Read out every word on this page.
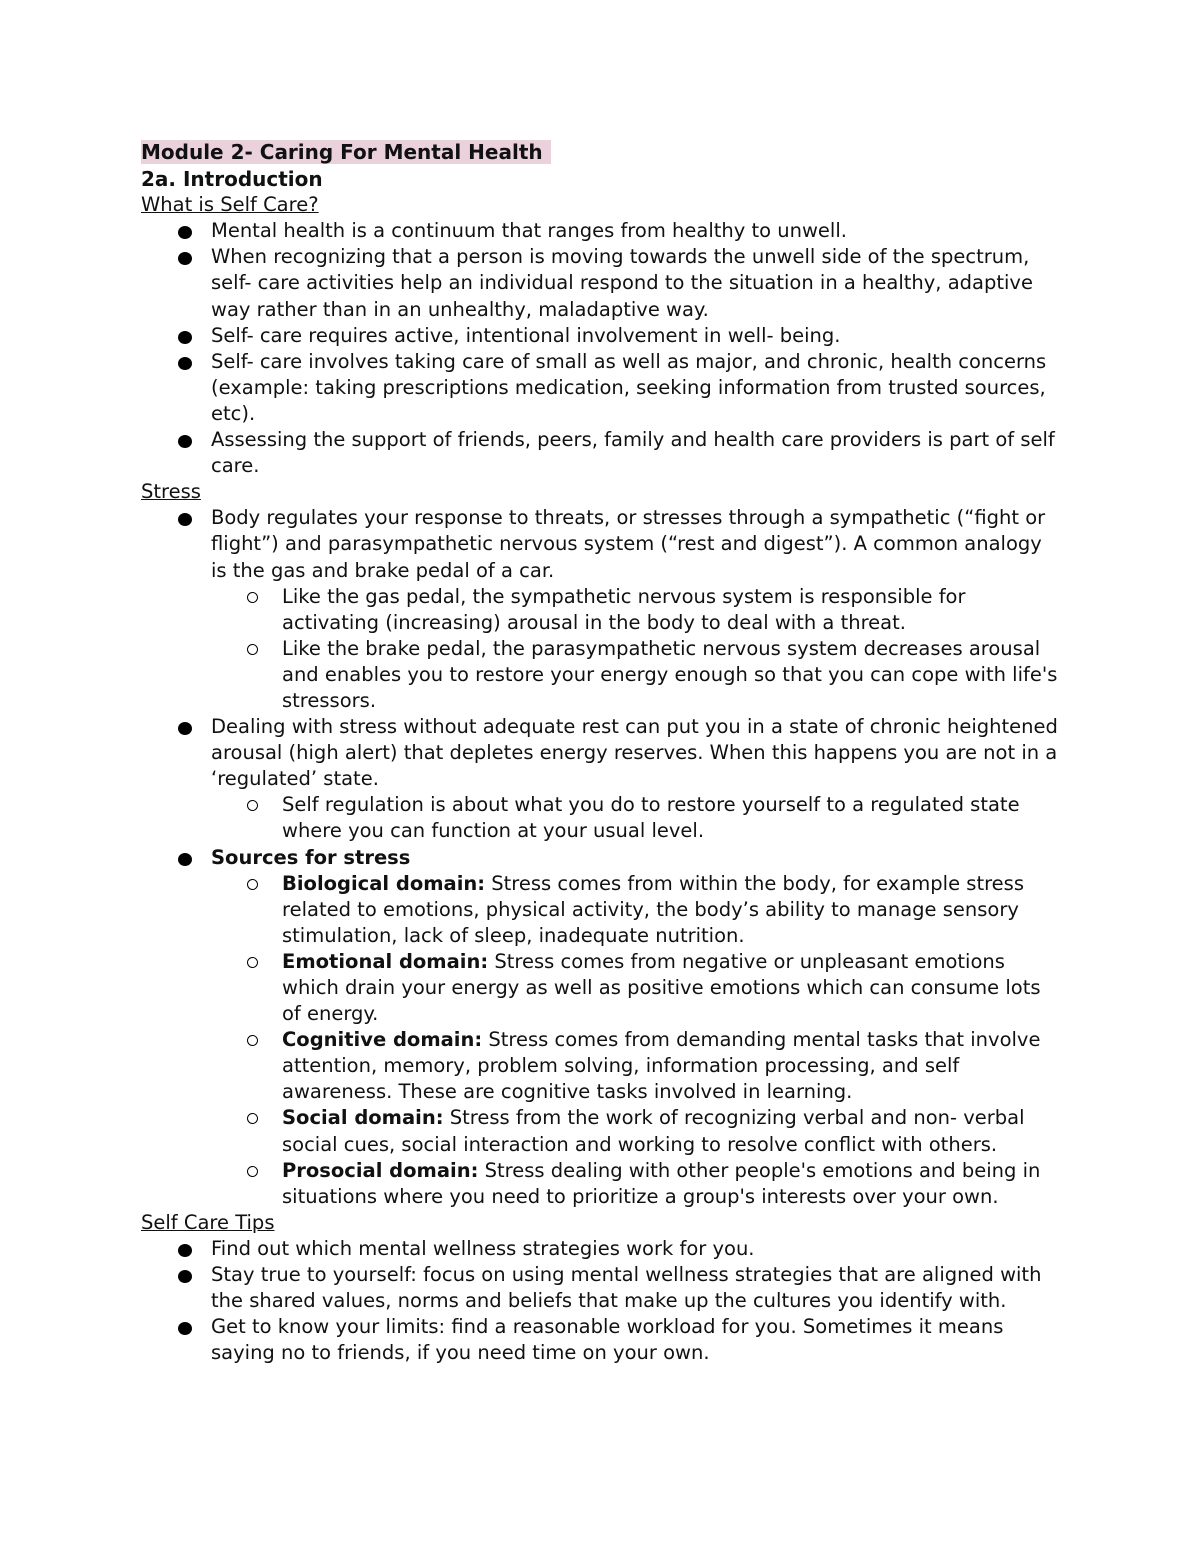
Module 2- Caring For Mental Health
2a. Introduction
What is Self Care?
Mental health is a continuum that ranges from healthy to unwell.
When recognizing that a person is moving towards the unwell side of the spectrum, self- care activities help an individual respond to the situation in a healthy, adaptive way rather than in an unhealthy, maladaptive way.
Self- care requires active, intentional involvement in well- being.
Self- care involves taking care of small as well as major, and chronic, health concerns (example: taking prescriptions medication, seeking information from trusted sources, etc).
Assessing the support of friends, peers, family and health care providers is part of self care.
Stress
Body regulates your response to threats, or stresses through a sympathetic (“fight or flight”) and parasympathetic nervous system (“rest and digest”). A common analogy is the gas and brake pedal of a car.
Like the gas pedal, the sympathetic nervous system is responsible for activating (increasing) arousal in the body to deal with a threat.
Like the brake pedal, the parasympathetic nervous system decreases arousal and enables you to restore your energy enough so that you can cope with life's stressors.
Dealing with stress without adequate rest can put you in a state of chronic heightened arousal (high alert) that depletes energy reserves. When this happens you are not in a ‘regulated’ state.
Self regulation is about what you do to restore yourself to a regulated state where you can function at your usual level.
Sources for stress
Biological domain: Stress comes from within the body, for example stress related to emotions, physical activity, the body’s ability to manage sensory stimulation, lack of sleep, inadequate nutrition.
Emotional domain: Stress comes from negative or unpleasant emotions which drain your energy as well as positive emotions which can consume lots of energy.
Cognitive domain: Stress comes from demanding mental tasks that involve attention, memory, problem solving, information processing, and self awareness. These are cognitive tasks involved in learning.
Social domain: Stress from the work of recognizing verbal and non- verbal social cues, social interaction and working to resolve conflict with others.
Prosocial domain: Stress dealing with other people's emotions and being in situations where you need to prioritize a group's interests over your own.
Self Care Tips
Find out which mental wellness strategies work for you.
Stay true to yourself: focus on using mental wellness strategies that are aligned with the shared values, norms and beliefs that make up the cultures you identify with.
Get to know your limits: find a reasonable workload for you. Sometimes it means saying no to friends, if you need time on your own.
